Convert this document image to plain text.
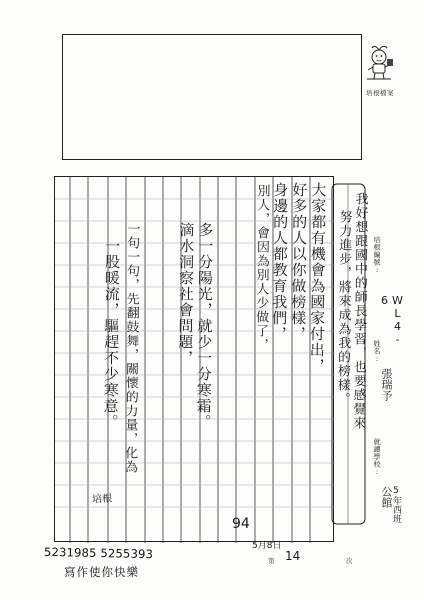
培根檔案
我好想跟國中的師長學習，也要感覺來
努力進步，將來成為我的榜樣。
大家都有機會為國家付出，
好多的人以你做榜樣，
身邊的人都教育我們，
別人，會因為別人少做了，
多一分陽光，就少一分寒霜。
滴水洞察社會問題，
一句一句，先翻鼓舞，關懷的力量，化為
一股暖流，驅趕不少寒意。
培根
94
5月8日
培根編號:
WL4-6
姓名:
張瑞予
就讀學校:
公館
5年西班
5231985 5255393
寫作使你快樂
第 14	次
